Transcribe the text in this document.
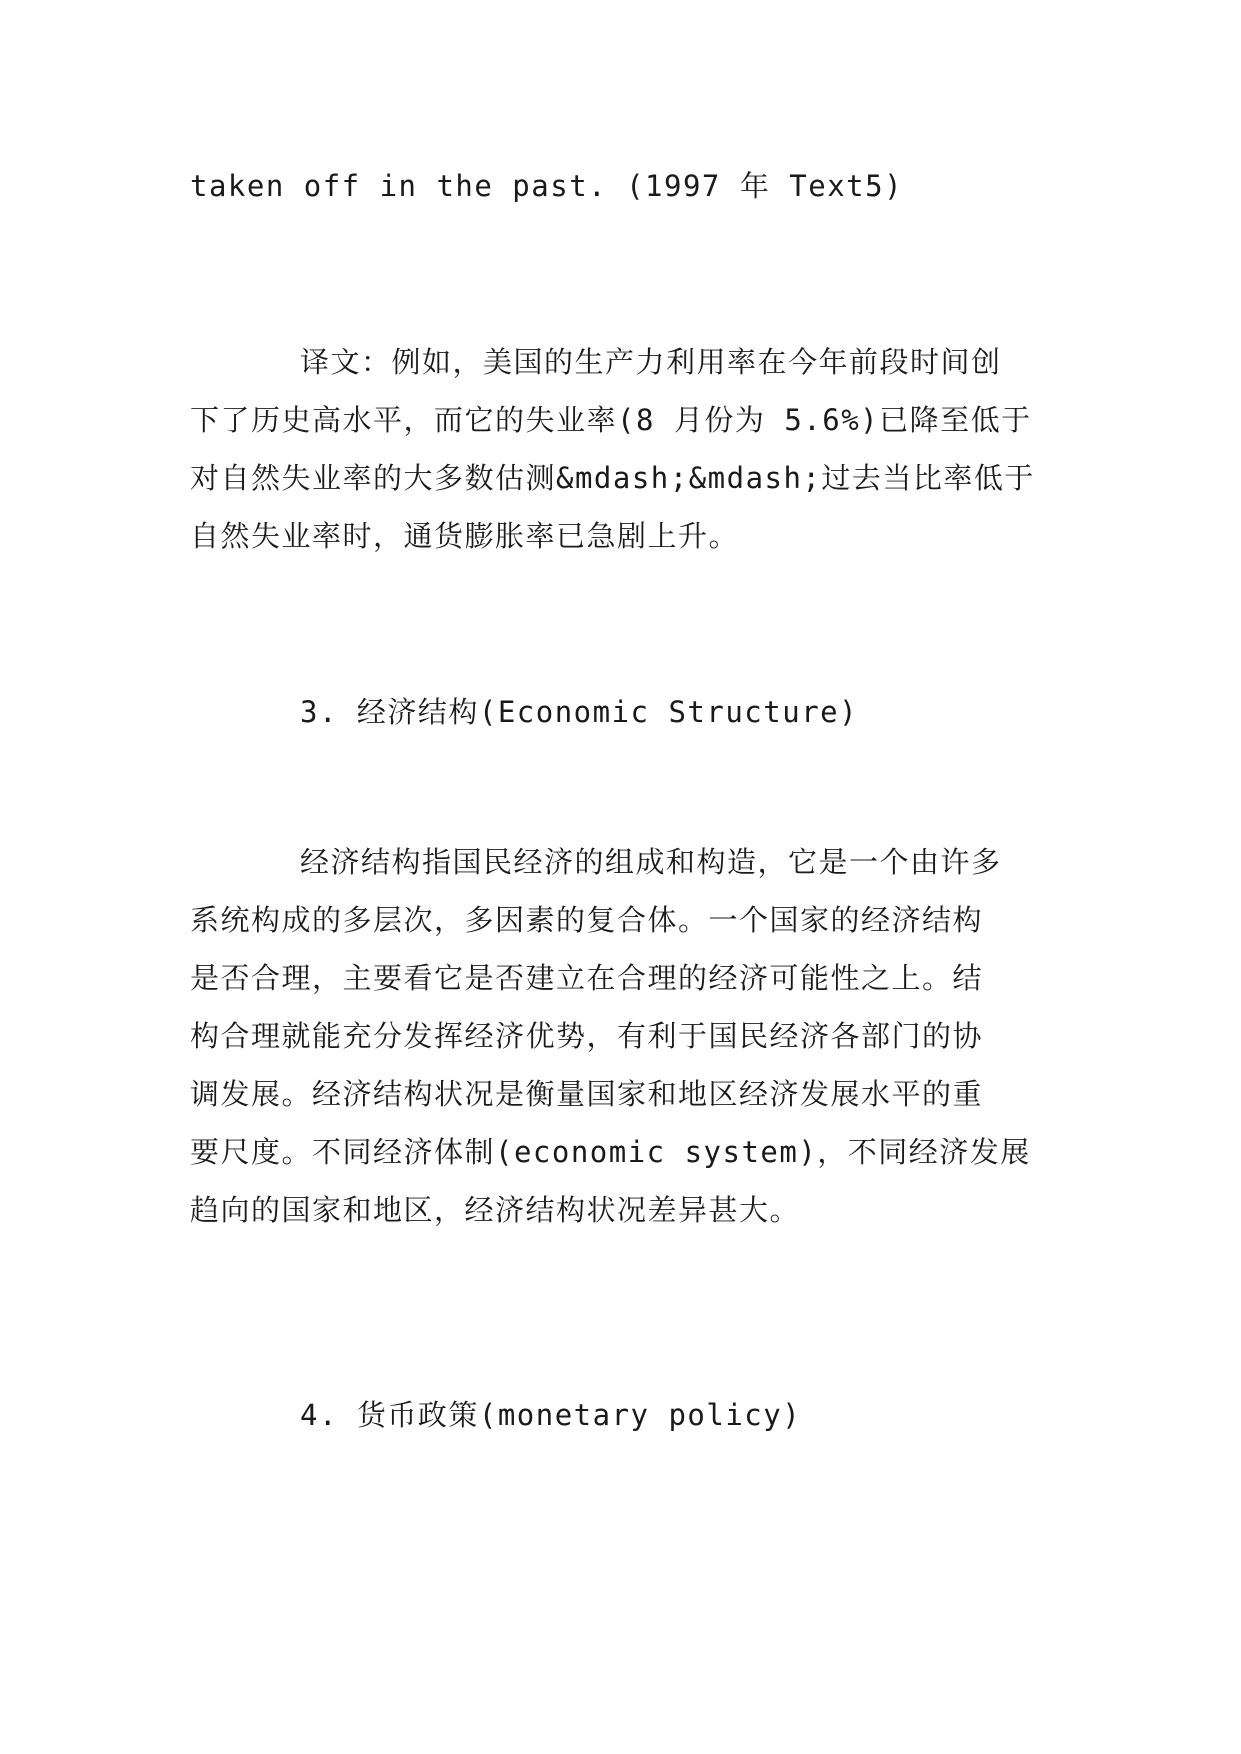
taken off in the past. (1997 年 Text5)

译文：例如，美国的生产力利用率在今年前段时间创
下了历史高水平，而它的失业率(8 月份为 5.6%)已降至低于
对自然失业率的大多数估测&mdash;&mdash;过去当比率低于
自然失业率时，通货膨胀率已急剧上升。

3. 经济结构(Economic Structure)

经济结构指国民经济的组成和构造，它是一个由许多
系统构成的多层次，多因素的复合体。一个国家的经济结构
是否合理，主要看它是否建立在合理的经济可能性之上。结
构合理就能充分发挥经济优势，有利于国民经济各部门的协
调发展。经济结构状况是衡量国家和地区经济发展水平的重
要尺度。不同经济体制(economic system)，不同经济发展
趋向的国家和地区，经济结构状况差异甚大。

4. 货币政策(monetary policy)
